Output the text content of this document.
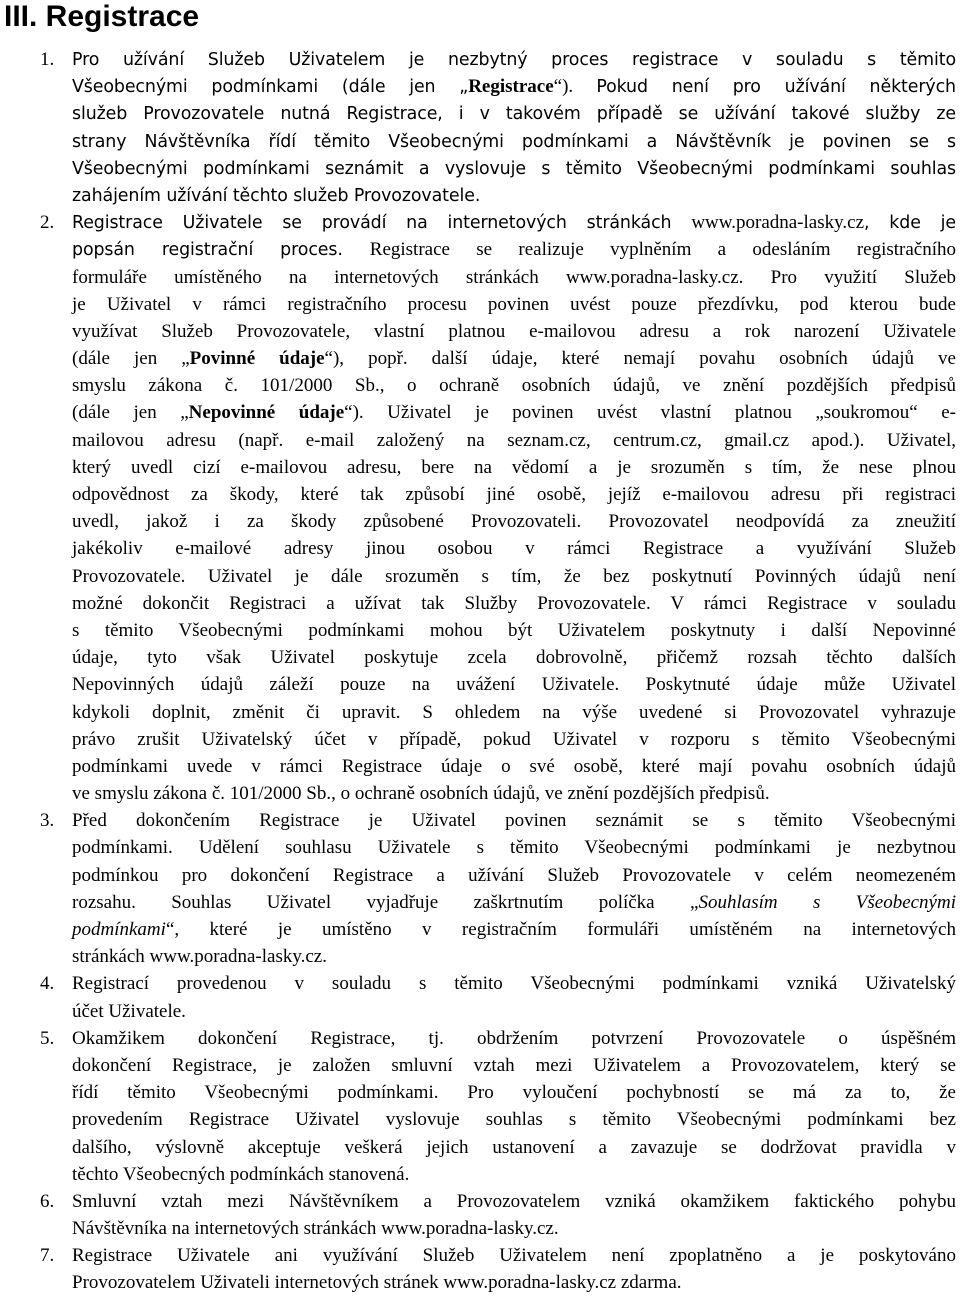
III. Registrace
1.	Pro užívání Služeb Uživatelem je nezbytný proces registrace v souladu s těmito
Všeobecnými podmínkami (dále jen „Registrace“). Pokud není pro užívání některých
služeb Provozovatele nutná Registrace, i v takovém případě se užívání takové služby ze
strany Návštěvníka řídí těmito Všeobecnými podmínkami a Návštěvník je povinen se s
Všeobecnými podmínkami seznámit a vyslovuje s těmito Všeobecnými podmínkami souhlas
zahájením užívání těchto služeb Provozovatele.
2.	Registrace Uživatele se provádí na internetových stránkách www.poradna-lasky.cz, kde je
popsán registrační proces. Registrace se realizuje vyplněním a odesláním registračního
formuláře umístěného na internetových stránkách www.poradna-lasky.cz. Pro využití Služeb
je Uživatel v rámci registračního procesu povinen uvést pouze přezdívku, pod kterou bude
využívat Služeb Provozovatele, vlastní platnou e-mailovou adresu a rok narození Uživatele
(dále jen „Povinné údaje“), popř. další údaje, které nemají povahu osobních údajů ve
smyslu zákona č. 101/2000 Sb., o ochraně osobních údajů, ve znění pozdějších předpisů
(dále jen „Nepovinné údaje“). Uživatel je povinen uvést vlastní platnou „soukromou“ e-
mailovou adresu (např. e-mail založený na seznam.cz, centrum.cz, gmail.cz apod.). Uživatel,
který uvedl cizí e-mailovou adresu, bere na vědomí a je srozuměn s tím, že nese plnou
odpovědnost za škody, které tak způsobí jiné osobě, jejíž e-mailovou adresu při registraci
uvedl, jakož i za škody způsobené Provozovateli. Provozovatel neodpovídá za zneužití
jakékoliv e-mailové adresy jinou osobou v rámci Registrace a využívání Služeb
Provozovatele. Uživatel je dále srozuměn s tím, že bez poskytnutí Povinných údajů není
možné dokončit Registraci a užívat tak Služby Provozovatele. V rámci Registrace v souladu
s těmito Všeobecnými podmínkami mohou být Uživatelem poskytnuty i další Nepovinné
údaje, tyto však Uživatel poskytuje zcela dobrovolně, přičemž rozsah těchto dalších
Nepovinných údajů záleží pouze na uvážení Uživatele. Poskytnuté údaje může Uživatel
kdykoli doplnit, změnit či upravit. S ohledem na výše uvedené si Provozovatel vyhrazuje
právo zrušit Uživatelský účet v případě, pokud Uživatel v rozporu s těmito Všeobecnými
podmínkami uvede v rámci Registrace údaje o své osobě, které mají povahu osobních údajů
ve smyslu zákona č. 101/2000 Sb., o ochraně osobních údajů, ve znění pozdějších předpisů.
3. Před dokončením Registrace je Uživatel povinen seznámit se s těmito Všeobecnými
podmínkami. Udělení souhlasu Uživatele s těmito Všeobecnými podmínkami je nezbytnou
podmínkou pro dokončení Registrace a užívání Služeb Provozovatele v celém neomezeném
rozsahu. Souhlas Uživatel vyjadřuje zaškrtnutím políčka „Souhlasím s Všeobecnými
podmínkami“, které je umístěno v registračním formuláři umístěném na internetových
stránkách www.poradna-lasky.cz.
4. Registrací provedenou v souladu s těmito Všeobecnými podmínkami vzniká Uživatelský
účet Uživatele.
5. Okamžikem dokončení Registrace, tj. obdržením potvrzení Provozovatele o úspěšném
dokončení Registrace, je založen smluvní vztah mezi Uživatelem a Provozovatelem, který se
řídí těmito Všeobecnými podmínkami. Pro vyloučení pochybností se má za to, že
provedením Registrace Uživatel vyslovuje souhlas s těmito Všeobecnými podmínkami bez
dalšího, výslovně akceptuje veškerá jejich ustanovení a zavazuje se dodržovat pravidla v
těchto Všeobecných podmínkách stanovená.
6. Smluvní vztah mezi Návštěvníkem a Provozovatelem vzniká okamžikem faktického pohybu
Návštěvníka na internetových stránkách www.poradna-lasky.cz.
7. Registrace Uživatele ani využívání Služeb Uživatelem není zpoplatněno a je poskytováno
Provozovatelem Uživateli internetových stránek www.poradna-lasky.cz zdarma.
